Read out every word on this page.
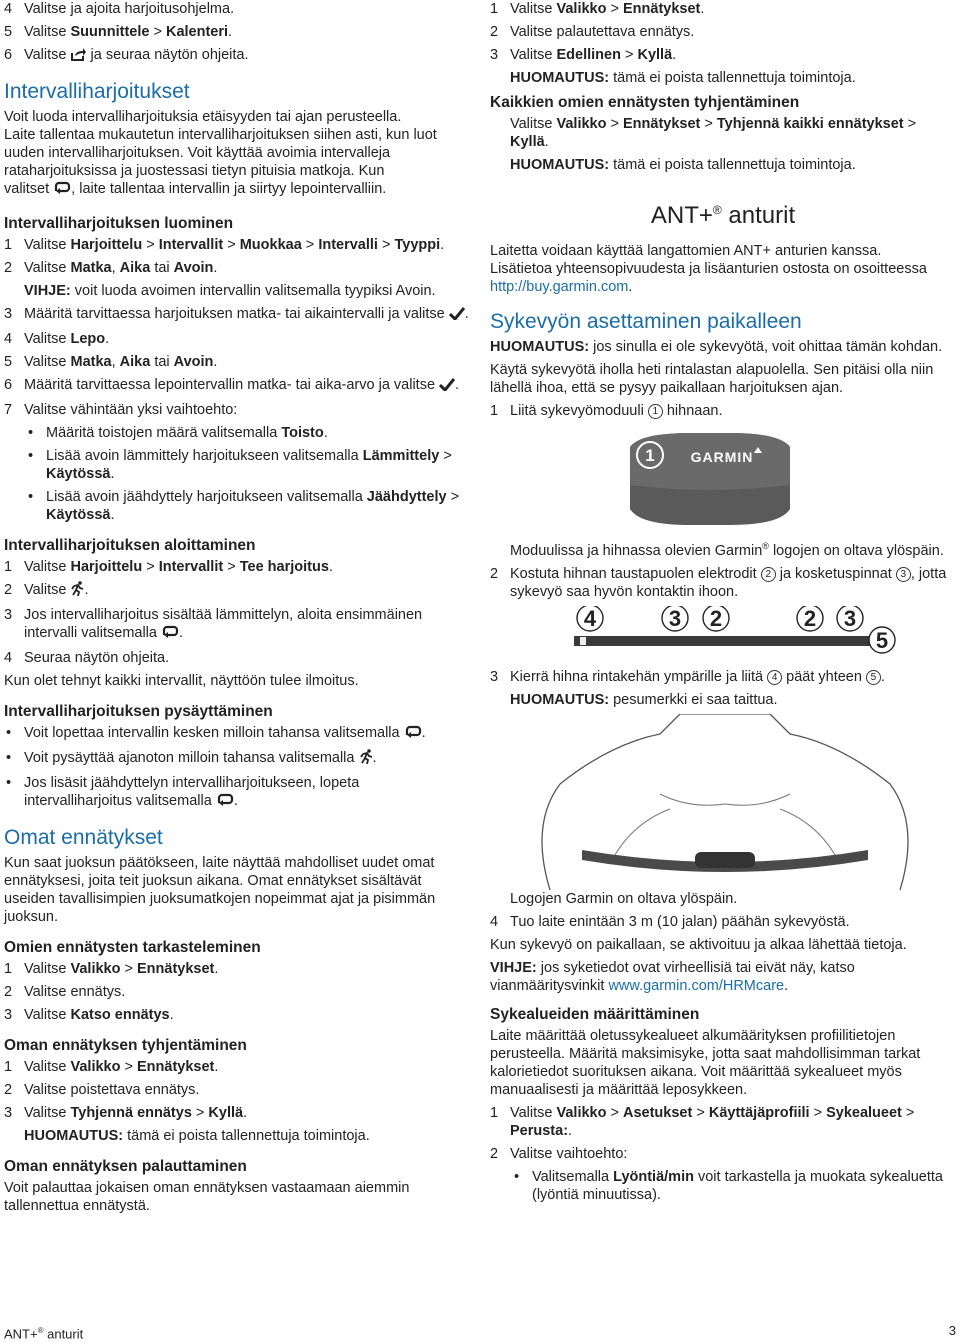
4 Valitse ja ajoita harjoitusohjelma.
5 Valitse Suunnittele > Kalenteri.
6 Valitse  ja seuraa näytön ohjeita.
Intervalliharjoitukset

Voit luoda intervalliharjoituksia etäisyyden tai ajan perusteella.

Laite tallentaa mukautetun intervalliharjoituksen siihen asti, kun luot uuden intervalliharjoituksen. Voit käyttää avoimia intervalleja rataharjoituksissa ja juostessasi tietyn pituisia matkoja. Kun

valitset , laite tallentaa intervallin ja siirtyy lepointervalliin.

Intervalliharjoituksen luominen
1 Valitse Harjoittelu > Intervallit > Muokkaa > Intervalli > Tyyppi.
2 Valitse Matka, Aika tai Avoin.
VIHJE: voit luoda avoimen intervallin valitsemalla tyypiksi Avoin.
3 Määritä tarvittaessa harjoituksen matka- tai aikaintervalli ja valitse .
4 Valitse Lepo.
5 Valitse Matka, Aika tai Avoin.
6 Määritä tarvittaessa lepointervallin matka- tai aika-arvo ja valitse .
7 Valitse vähintään yksi vaihtoehto:
• Määritä toistojen määrä valitsemalla Toisto.
• Lisää avoin lämmittely harjoitukseen valitsemalla Lämmittely > Käytössä.
• Lisää avoin jäähdyttely harjoitukseen valitsemalla Jäähdyttely > Käytössä.
Intervalliharjoituksen aloittaminen
1 Valitse Harjoittelu > Intervallit > Tee harjoitus.
2 Valitse .
3 Jos intervalliharjoitus sisältää lämmittelyn, aloita ensimmäinen intervalli valitsemalla .
4 Seuraa näytön ohjeita.

Kun olet tehnyt kaikki intervallit, näyttöön tulee ilmoitus.

Intervalliharjoituksen pysäyttäminen
• Voit lopettaa intervallin kesken milloin tahansa valitsemalla .
• Voit pysäyttää ajanoton milloin tahansa valitsemalla .
• Jos lisäsit jäähdyttelyn intervalliharjoitukseen, lopeta intervalliharjoitus valitsemalla .
Omat ennätykset

Kun saat juoksun päätökseen, laite näyttää mahdolliset uudet omat ennätyksesi, joita teit juoksun aikana. Omat ennätykset sisältävät useiden tavallisimpien juoksumatkojen nopeimmat ajat ja pisimmän juoksun.

Omien ennätysten tarkasteleminen
1 Valitse Valikko > Ennätykset.
2 Valitse ennätys.
3 Valitse Katso ennätys.
Oman ennätyksen tyhjentäminen
1 Valitse Valikko > Ennätykset.
2 Valitse poistettava ennätys.
3 Valitse Tyhjennä ennätys > Kyllä.
HUOMAUTUS: tämä ei poista tallennettuja toimintoja.
Oman ennätyksen palauttaminen

Voit palauttaa jokaisen oman ennätyksen vastaamaan aiemmin tallennettua ennätystä.

1 Valitse Valikko > Ennätykset.
2 Valitse palautettava ennätys.
3 Valitse Edellinen > Kyllä.
HUOMAUTUS: tämä ei poista tallennettuja toimintoja.
Kaikkien omien ennätysten tyhjentäminen
Valitse Valikko > Ennätykset > Tyhjennä kaikki ennätykset > Kyllä.
HUOMAUTUS: tämä ei poista tallennettuja toimintoja.
ANT+® anturit

Laitetta voidaan käyttää langattomien ANT+ anturien kanssa.
Lisätietoa yhteensopivuudesta ja lisäanturien ostosta on osoitteessa http://buy.garmin.com.

Sykevyön asettaminen paikalleen

HUOMAUTUS: jos sinulla ei ole sykevyötä, voit ohittaa tämän kohdan.

Käytä sykevyötä iholla heti rintalastan alapuolella. Sen pitäisi olla niin lähellä ihoa, että se pysyy paikallaan harjoituksen ajan.

1 Liitä sykevyömoduuli 1 hihnaan.
1	GARMIN
Moduulissa ja hihnassa olevien Garmin® logojen on oltava ylöspäin.
2 Kostuta hihnan taustapuolen elektrodit 2 ja kosketuspinnat 3 , jotta sykevyö saa hyvön kontaktin ihoon.
4	3 2	2 3
5
3 Kierrä hihna rintakehän ympärille ja liitä 4 päät yhteen 5 .
HUOMAUTUS: pesumerkki ei saa taittua.
Logojen Garmin on oltava ylöspäin.
4 Tuo laite enintään 3 m (10 jalan) päähän sykevyöstä.

Kun sykevyö on paikallaan, se aktivoituu ja alkaa lähettää tietoja.

VIHJE: jos syketiedot ovat virheellisiä tai eivät näy, katso vianmääritysvinkit www.garmin.com/HRMcare.

Sykealueiden määrittäminen

Laite määrittää oletussykealueet alkumäärityksen profiilitietojen perusteella. Määritä maksimisyke, jotta saat mahdollisimman tarkat kalorietiedot suorituksen aikana. Voit määrittää sykealueet myös manuaalisesti ja määrittää leposykkeen.

1 Valitse Valikko > Asetukset > Käyttäjäprofiili > Sykealueet > Perusta:.
2 Valitse vaihtoehto:
• Valitsemalla Lyöntiä/min voit tarkastella ja muokata sykealuetta (lyöntiä minuutissa).
ANT+® anturit	3
